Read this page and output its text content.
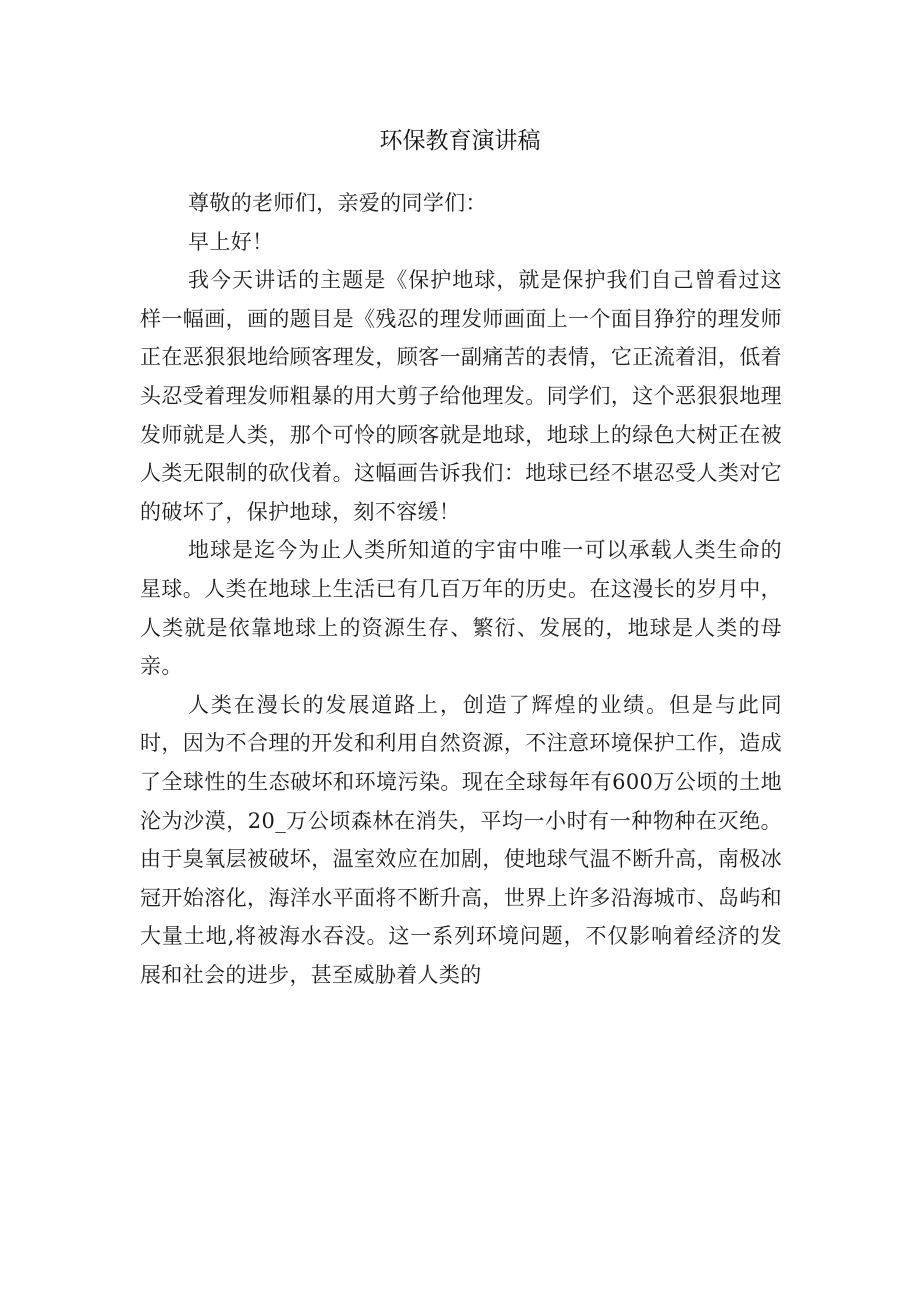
环保教育演讲稿

尊敬的老师们，亲爱的同学们：

早上好！

我今天讲话的主题是《保护地球，就是保护我们自己曾看过这样一幅画，画的题目是《残忍的理发师画面上一个面目狰狞的理发师正在恶狠狠地给顾客理发，顾客一副痛苦的表情，它正流着泪，低着头忍受着理发师粗暴的用大剪子给他理发。同学们，这个恶狠狠地理发师就是人类，那个可怜的顾客就是地球，地球上的绿色大树正在被人类无限制的砍伐着。这幅画告诉我们：地球已经不堪忍受人类对它的破坏了，保护地球，刻不容缓！

地球是迄今为止人类所知道的宇宙中唯一可以承载人类生命的星球。人类在地球上生活已有几百万年的历史。在这漫长的岁月中，人类就是依靠地球上的资源生存、繁衍、发展的，地球是人类的母亲。

人类在漫长的发展道路上，创造了辉煌的业绩。但是与此同时，因为不合理的开发和利用自然资源，不注意环境保护工作，造成了全球性的生态破坏和环境污染。现在全球每年有600万公顷的土地沦为沙漠，20_万公顷森林在消失，平均一小时有一种物种在灭绝。由于臭氧层被破坏，温室效应在加剧，使地球气温不断升高，南极冰冠开始溶化，海洋水平面将不断升高，世界上许多沿海城市、岛屿和大量土地,将被海水吞没。这一系列环境问题，不仅影响着经济的发展和社会的进步，甚至威胁着人类的
